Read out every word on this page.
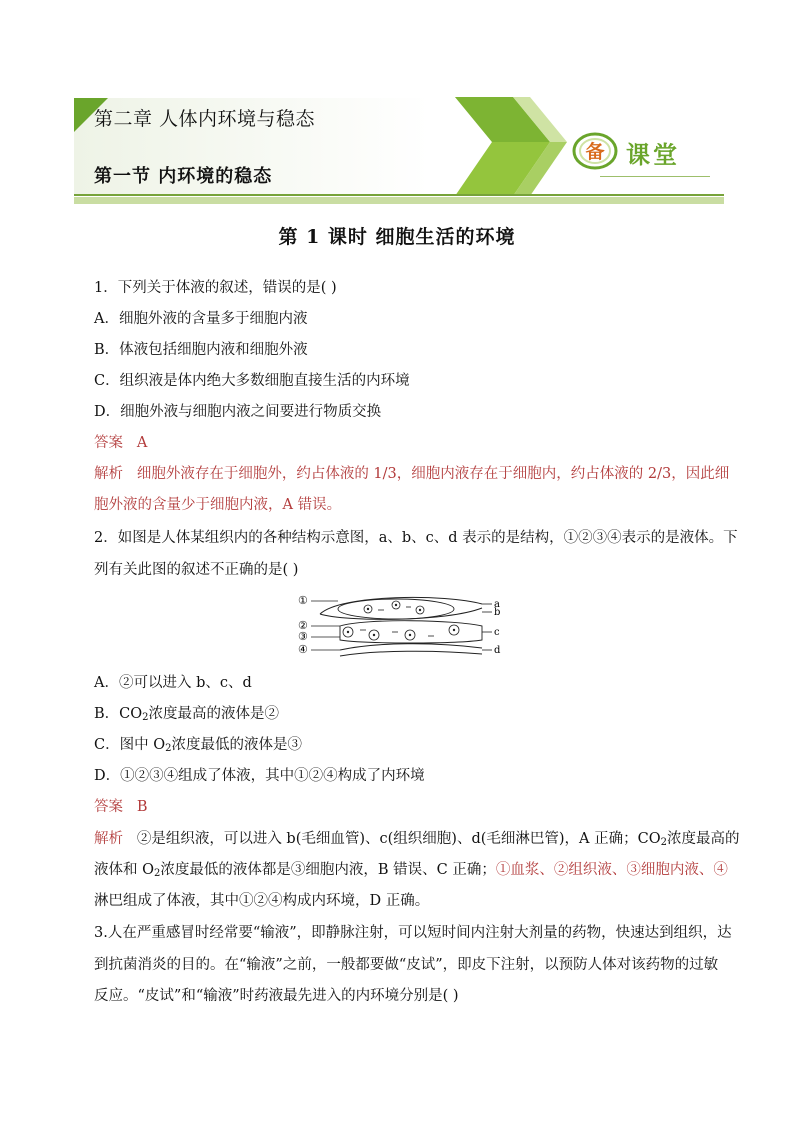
第二章 人体内环境与稳态
第一节 内环境的稳态
备 课堂
第 1 课时 细胞生活的环境
1．下列关于体液的叙述，错误的是( )
A．细胞外液的含量多于细胞内液
B．体液包括细胞内液和细胞外液
C．组织液是体内绝大多数细胞直接生活的内环境
D．细胞外液与细胞内液之间要进行物质交换
答案 A
解析 细胞外液存在于细胞外，约占体液的 1/3，细胞内液存在于细胞内，约占体液的 2/3，因此细
胞外液的含量少于细胞内液，A 错误。
2．如图是人体某组织内的各种结构示意图，a、b、c、d 表示的是结构，①②③④表示的是液体。下
列有关此图的叙述不正确的是( )
①
②
③
④
a
b
c
d
A．②可以进入 b、c、d
B．$CO_2$浓度最高的液体是②
C．图中 $O_2$浓度最低的液体是③
D．①②③④组成了体液，其中①②④构成了内环境
答案 B
解析 ②是组织液，可以进入 b(毛细血管)、c(组织细胞)、d(毛细淋巴管)，A 正确；$CO_2$浓度最高的
液体和 $O_2$浓度最低的液体都是③细胞内液，B 错误、C 正确；①血浆、②组织液、③细胞内液、④
淋巴组成了体液，其中①②④构成内环境，D 正确。
3.人在严重感冒时经常要“输液”，即静脉注射，可以短时间内注射大剂量的药物，快速达到组织，达
到抗菌消炎的目的。在“输液”之前，一般都要做“皮试”，即皮下注射，以预防人体对该药物的过敏
反应。“皮试”和“输液”时药液最先进入的内环境分别是( )
